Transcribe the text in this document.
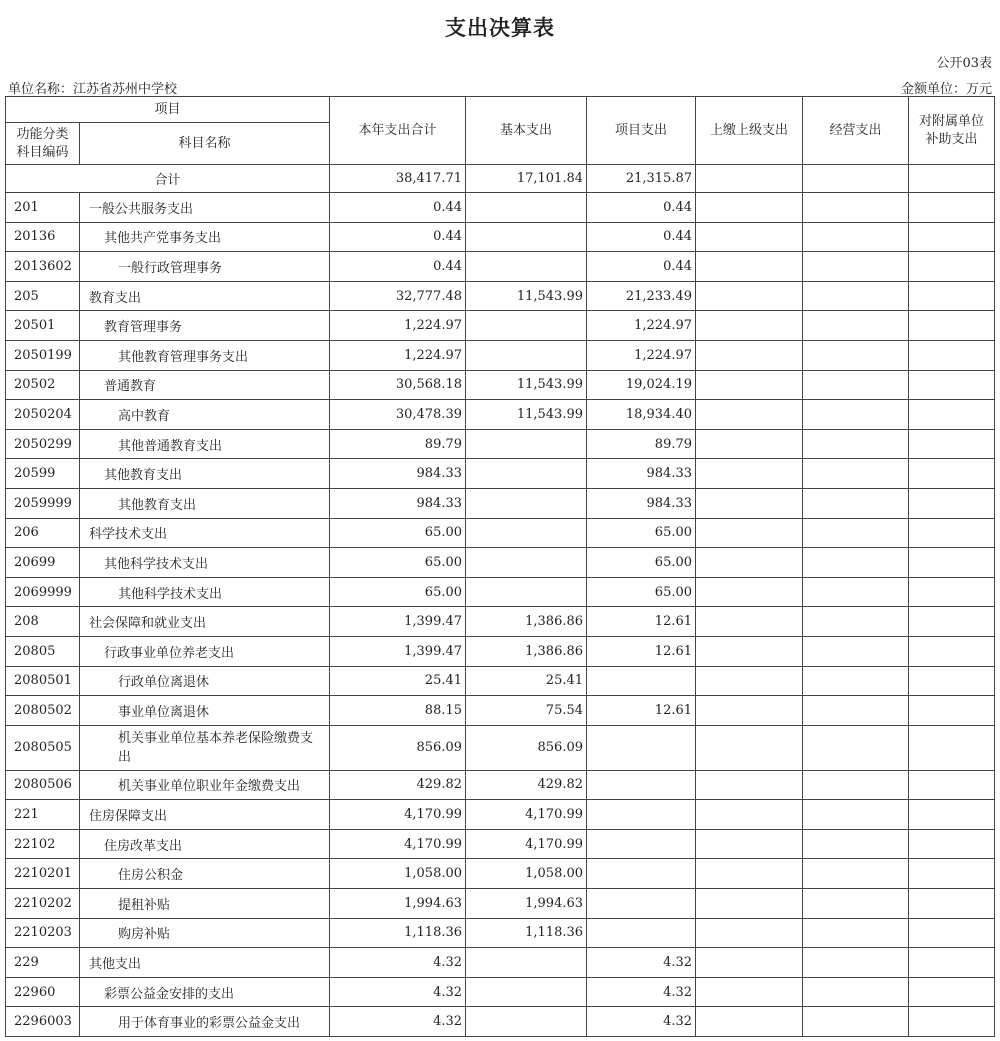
支出决算表
公开03表
单位名称：江苏省苏州中学校	金额单位：万元
项目		本年支出合计	基本支出	项目支出	上缴上级支出	经营支出	对附属单位补助支出
功能分类科目编码	科目名称						
合计		38,417.71	17,101.84	21,315.87			
201	一般公共服务支出	0.44		0.44			
20136	其他共产党事务支出	0.44		0.44			
2013602	一般行政管理事务	0.44		0.44			
205	教育支出	32,777.48	11,543.99	21,233.49			
20501	教育管理事务	1,224.97		1,224.97			
2050199	其他教育管理事务支出	1,224.97		1,224.97			
20502	普通教育	30,568.18	11,543.99	19,024.19			
2050204	高中教育	30,478.39	11,543.99	18,934.40			
2050299	其他普通教育支出	89.79		89.79			
20599	其他教育支出	984.33		984.33			
2059999	其他教育支出	984.33		984.33			
206	科学技术支出	65.00		65.00			
20699	其他科学技术支出	65.00		65.00			
2069999	其他科学技术支出	65.00		65.00			
208	社会保障和就业支出	1,399.47	1,386.86	12.61			
20805	行政事业单位养老支出	1,399.47	1,386.86	12.61			
2080501	行政单位离退休	25.41	25.41				
2080502	事业单位离退休	88.15	75.54	12.61			
2080505	机关事业单位基本养老保险缴费支出	856.09	856.09				
2080506	机关事业单位职业年金缴费支出	429.82	429.82				
221	住房保障支出	4,170.99	4,170.99				
22102	住房改革支出	4,170.99	4,170.99				
2210201	住房公积金	1,058.00	1,058.00				
2210202	提租补贴	1,994.63	1,994.63				
2210203	购房补贴	1,118.36	1,118.36				
229	其他支出	4.32		4.32			
22960	彩票公益金安排的支出	4.32		4.32			
2296003	用于体育事业的彩票公益金支出	4.32		4.32			
